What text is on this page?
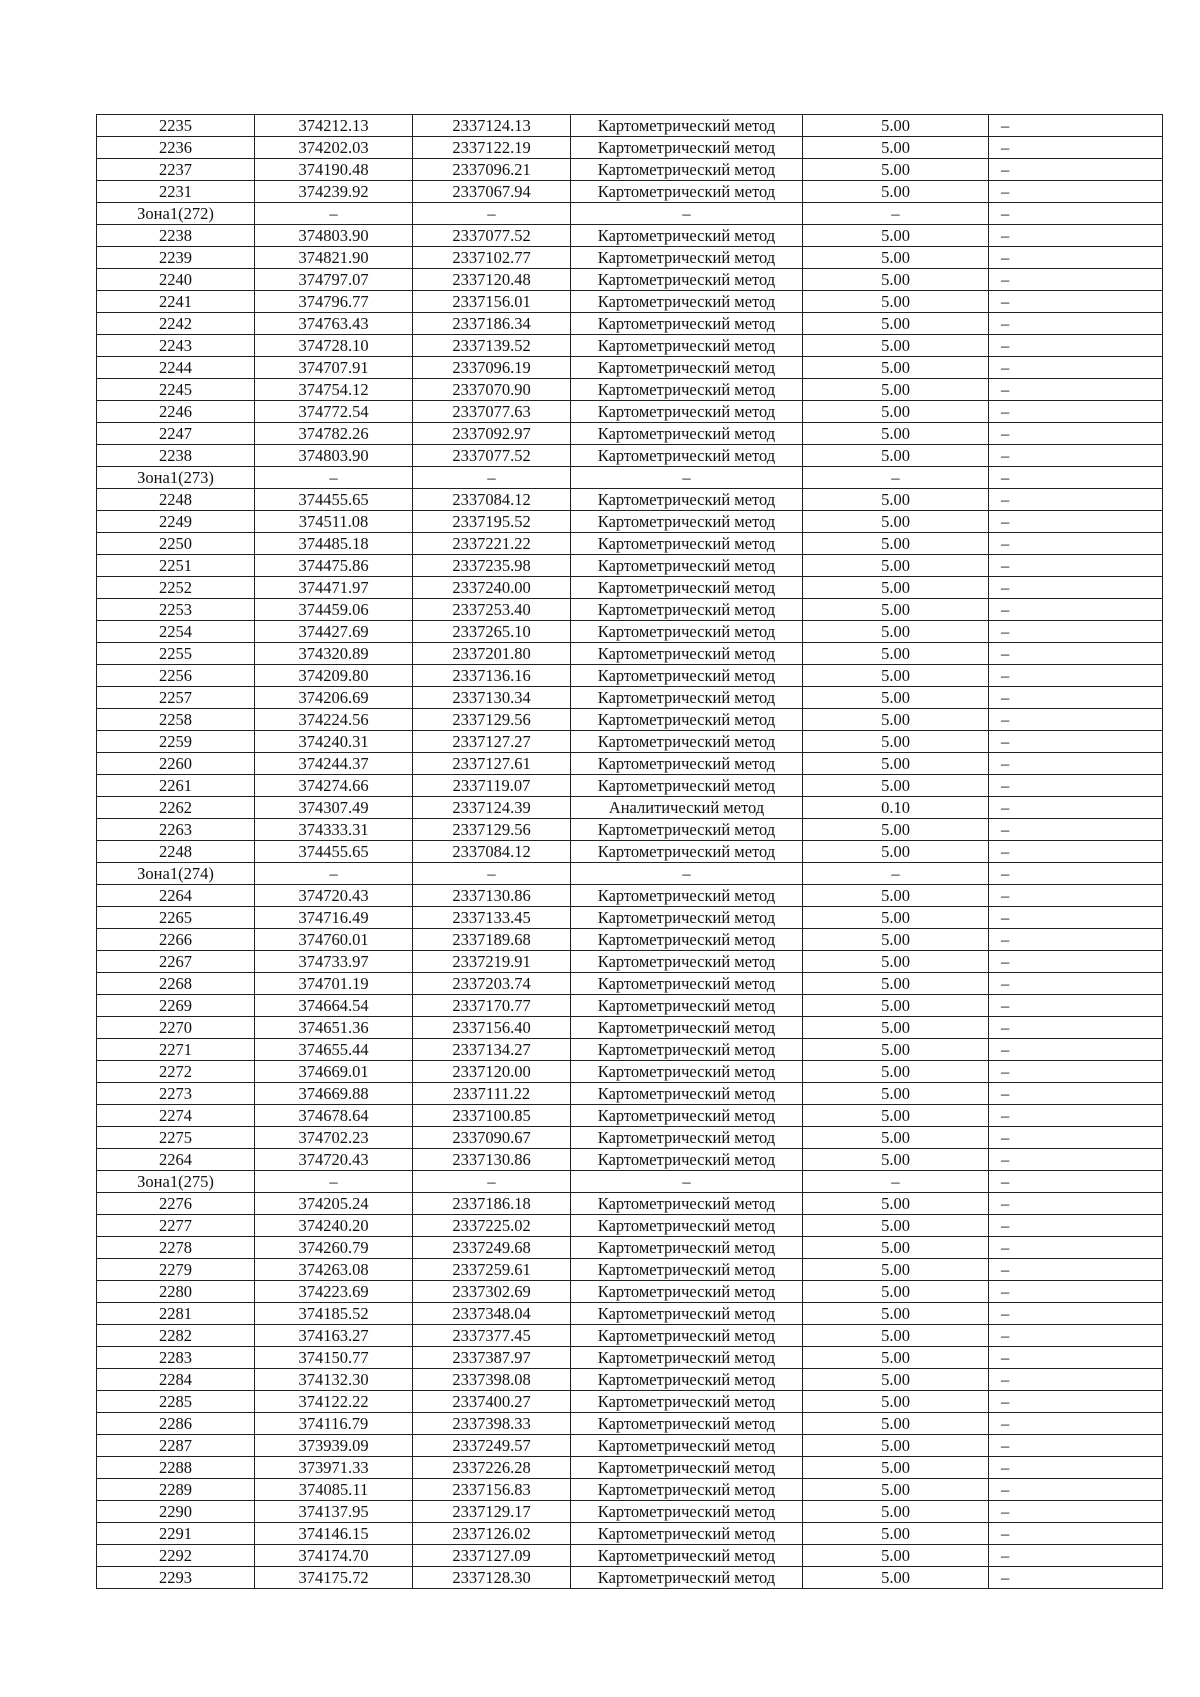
2235	374212.13	2337124.13	Картометрический метод	5.00	–
2236	374202.03	2337122.19	Картометрический метод	5.00	–
2237	374190.48	2337096.21	Картометрический метод	5.00	–
2231	374239.92	2337067.94	Картометрический метод	5.00	–
Зона1(272)	–	–	–	–	–
2238	374803.90	2337077.52	Картометрический метод	5.00	–
2239	374821.90	2337102.77	Картометрический метод	5.00	–
2240	374797.07	2337120.48	Картометрический метод	5.00	–
2241	374796.77	2337156.01	Картометрический метод	5.00	–
2242	374763.43	2337186.34	Картометрический метод	5.00	–
2243	374728.10	2337139.52	Картометрический метод	5.00	–
2244	374707.91	2337096.19	Картометрический метод	5.00	–
2245	374754.12	2337070.90	Картометрический метод	5.00	–
2246	374772.54	2337077.63	Картометрический метод	5.00	–
2247	374782.26	2337092.97	Картометрический метод	5.00	–
2238	374803.90	2337077.52	Картометрический метод	5.00	–
Зона1(273)	–	–	–	–	–
2248	374455.65	2337084.12	Картометрический метод	5.00	–
2249	374511.08	2337195.52	Картометрический метод	5.00	–
2250	374485.18	2337221.22	Картометрический метод	5.00	–
2251	374475.86	2337235.98	Картометрический метод	5.00	–
2252	374471.97	2337240.00	Картометрический метод	5.00	–
2253	374459.06	2337253.40	Картометрический метод	5.00	–
2254	374427.69	2337265.10	Картометрический метод	5.00	–
2255	374320.89	2337201.80	Картометрический метод	5.00	–
2256	374209.80	2337136.16	Картометрический метод	5.00	–
2257	374206.69	2337130.34	Картометрический метод	5.00	–
2258	374224.56	2337129.56	Картометрический метод	5.00	–
2259	374240.31	2337127.27	Картометрический метод	5.00	–
2260	374244.37	2337127.61	Картометрический метод	5.00	–
2261	374274.66	2337119.07	Картометрический метод	5.00	–
2262	374307.49	2337124.39	Аналитический метод	0.10	–
2263	374333.31	2337129.56	Картометрический метод	5.00	–
2248	374455.65	2337084.12	Картометрический метод	5.00	–
Зона1(274)	–	–	–	–	–
2264	374720.43	2337130.86	Картометрический метод	5.00	–
2265	374716.49	2337133.45	Картометрический метод	5.00	–
2266	374760.01	2337189.68	Картометрический метод	5.00	–
2267	374733.97	2337219.91	Картометрический метод	5.00	–
2268	374701.19	2337203.74	Картометрический метод	5.00	–
2269	374664.54	2337170.77	Картометрический метод	5.00	–
2270	374651.36	2337156.40	Картометрический метод	5.00	–
2271	374655.44	2337134.27	Картометрический метод	5.00	–
2272	374669.01	2337120.00	Картометрический метод	5.00	–
2273	374669.88	2337111.22	Картометрический метод	5.00	–
2274	374678.64	2337100.85	Картометрический метод	5.00	–
2275	374702.23	2337090.67	Картометрический метод	5.00	–
2264	374720.43	2337130.86	Картометрический метод	5.00	–
Зона1(275)	–	–	–	–	–
2276	374205.24	2337186.18	Картометрический метод	5.00	–
2277	374240.20	2337225.02	Картометрический метод	5.00	–
2278	374260.79	2337249.68	Картометрический метод	5.00	–
2279	374263.08	2337259.61	Картометрический метод	5.00	–
2280	374223.69	2337302.69	Картометрический метод	5.00	–
2281	374185.52	2337348.04	Картометрический метод	5.00	–
2282	374163.27	2337377.45	Картометрический метод	5.00	–
2283	374150.77	2337387.97	Картометрический метод	5.00	–
2284	374132.30	2337398.08	Картометрический метод	5.00	–
2285	374122.22	2337400.27	Картометрический метод	5.00	–
2286	374116.79	2337398.33	Картометрический метод	5.00	–
2287	373939.09	2337249.57	Картометрический метод	5.00	–
2288	373971.33	2337226.28	Картометрический метод	5.00	–
2289	374085.11	2337156.83	Картометрический метод	5.00	–
2290	374137.95	2337129.17	Картометрический метод	5.00	–
2291	374146.15	2337126.02	Картометрический метод	5.00	–
2292	374174.70	2337127.09	Картометрический метод	5.00	–
2293	374175.72	2337128.30	Картометрический метод	5.00	–
